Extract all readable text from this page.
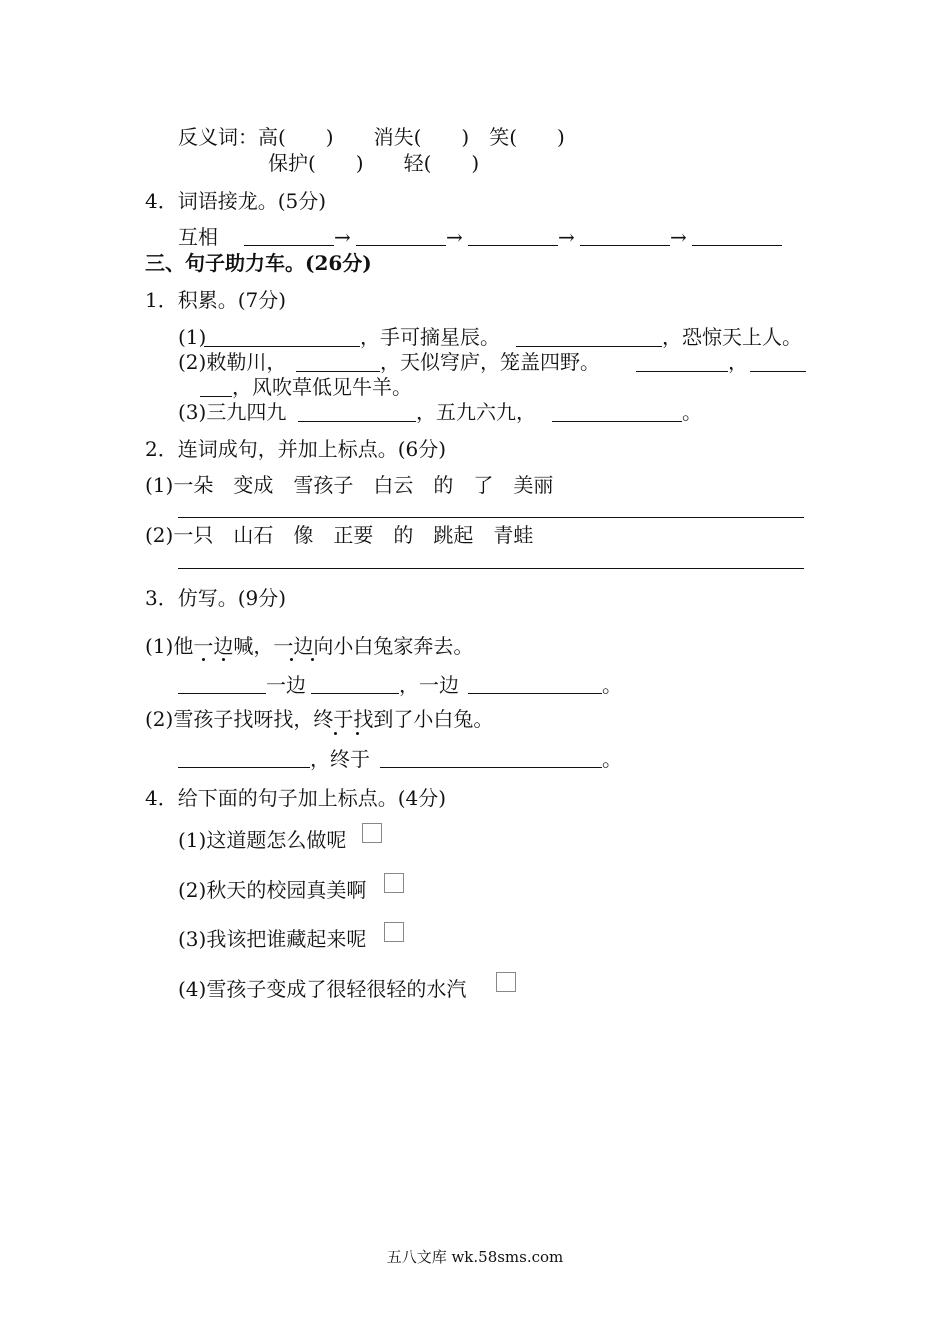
反义词：高(　　)　　消失(　　)　笑(　　)
保护(　　)　　轻(　　)
4．词语接龙。(5分)
互相	→	→	→	→
三、句子助力车。(26分)
1．积累。(7分)
(1)	，手可摘星辰。	，恐惊天上人。
(2)敕勒川，	，天似穹庐，笼盖四野。	，
，风吹草低见牛羊。
(3)三九四九	，五九六九，	。
2．连词成句，并加上标点。(6分)
(1)一朵　变成　雪孩子　白云　的　了　美丽
(2)一只　山石　像　正要　的　跳起　青蛙
3．仿写。(9分)
(1)他一边喊，一边向小白兔家奔去。
一边	，一边	。
(2)雪孩子找呀找，终于找到了小白兔。
，终于	。
4．给下面的句子加上标点。(4分)
(1)这道题怎么做呢
(2)秋天的校园真美啊
(3)我该把谁藏起来呢
(4)雪孩子变成了很轻很轻的水汽
五八文库 wk.58sms.com
